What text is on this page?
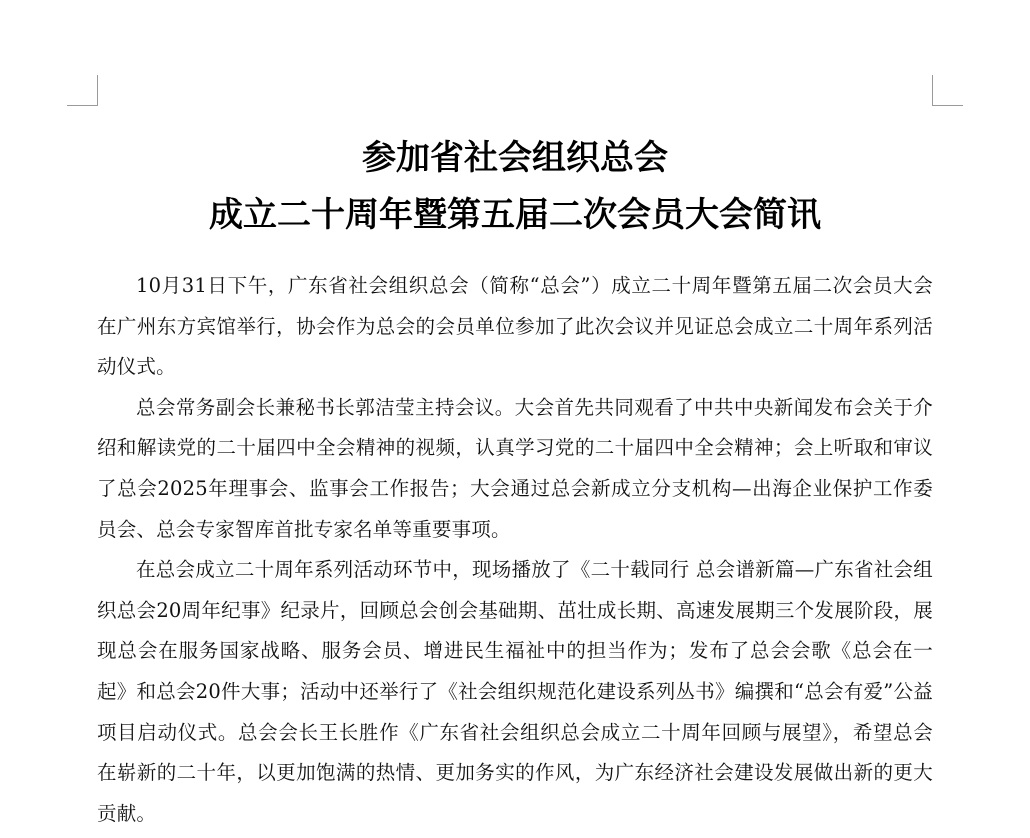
参加省社会组织总会
成立二十周年暨第五届二次会员大会简讯

10月31日下午，广东省社会组织总会（简称“总会”）成立二十周年暨第五届二次会员大会在广州东方宾馆举行，协会作为总会的会员单位参加了此次会议并见证总会成立二十周年系列活动仪式。

总会常务副会长兼秘书长郭洁莹主持会议。大会首先共同观看了中共中央新闻发布会关于介绍和解读党的二十届四中全会精神的视频，认真学习党的二十届四中全会精神；会上听取和审议了总会2025年理事会、监事会工作报告；大会通过总会新成立分支机构—出海企业保护工作委员会、总会专家智库首批专家名单等重要事项。

在总会成立二十周年系列活动环节中，现场播放了《二十载同行 总会谱新篇—广东省社会组织总会20周年纪事》纪录片，回顾总会创会基础期、茁壮成长期、高速发展期三个发展阶段，展现总会在服务国家战略、服务会员、增进民生福祉中的担当作为；发布了总会会歌《总会在一起》和总会20件大事；活动中还举行了《社会组织规范化建设系列丛书》编撰和“总会有爱”公益项目启动仪式。总会会长王长胜作《广东省社会组织总会成立二十周年回顾与展望》，希望总会在崭新的二十年，以更加饱满的热情、更加务实的作风，为广东经济社会建设发展做出新的更大贡献。
